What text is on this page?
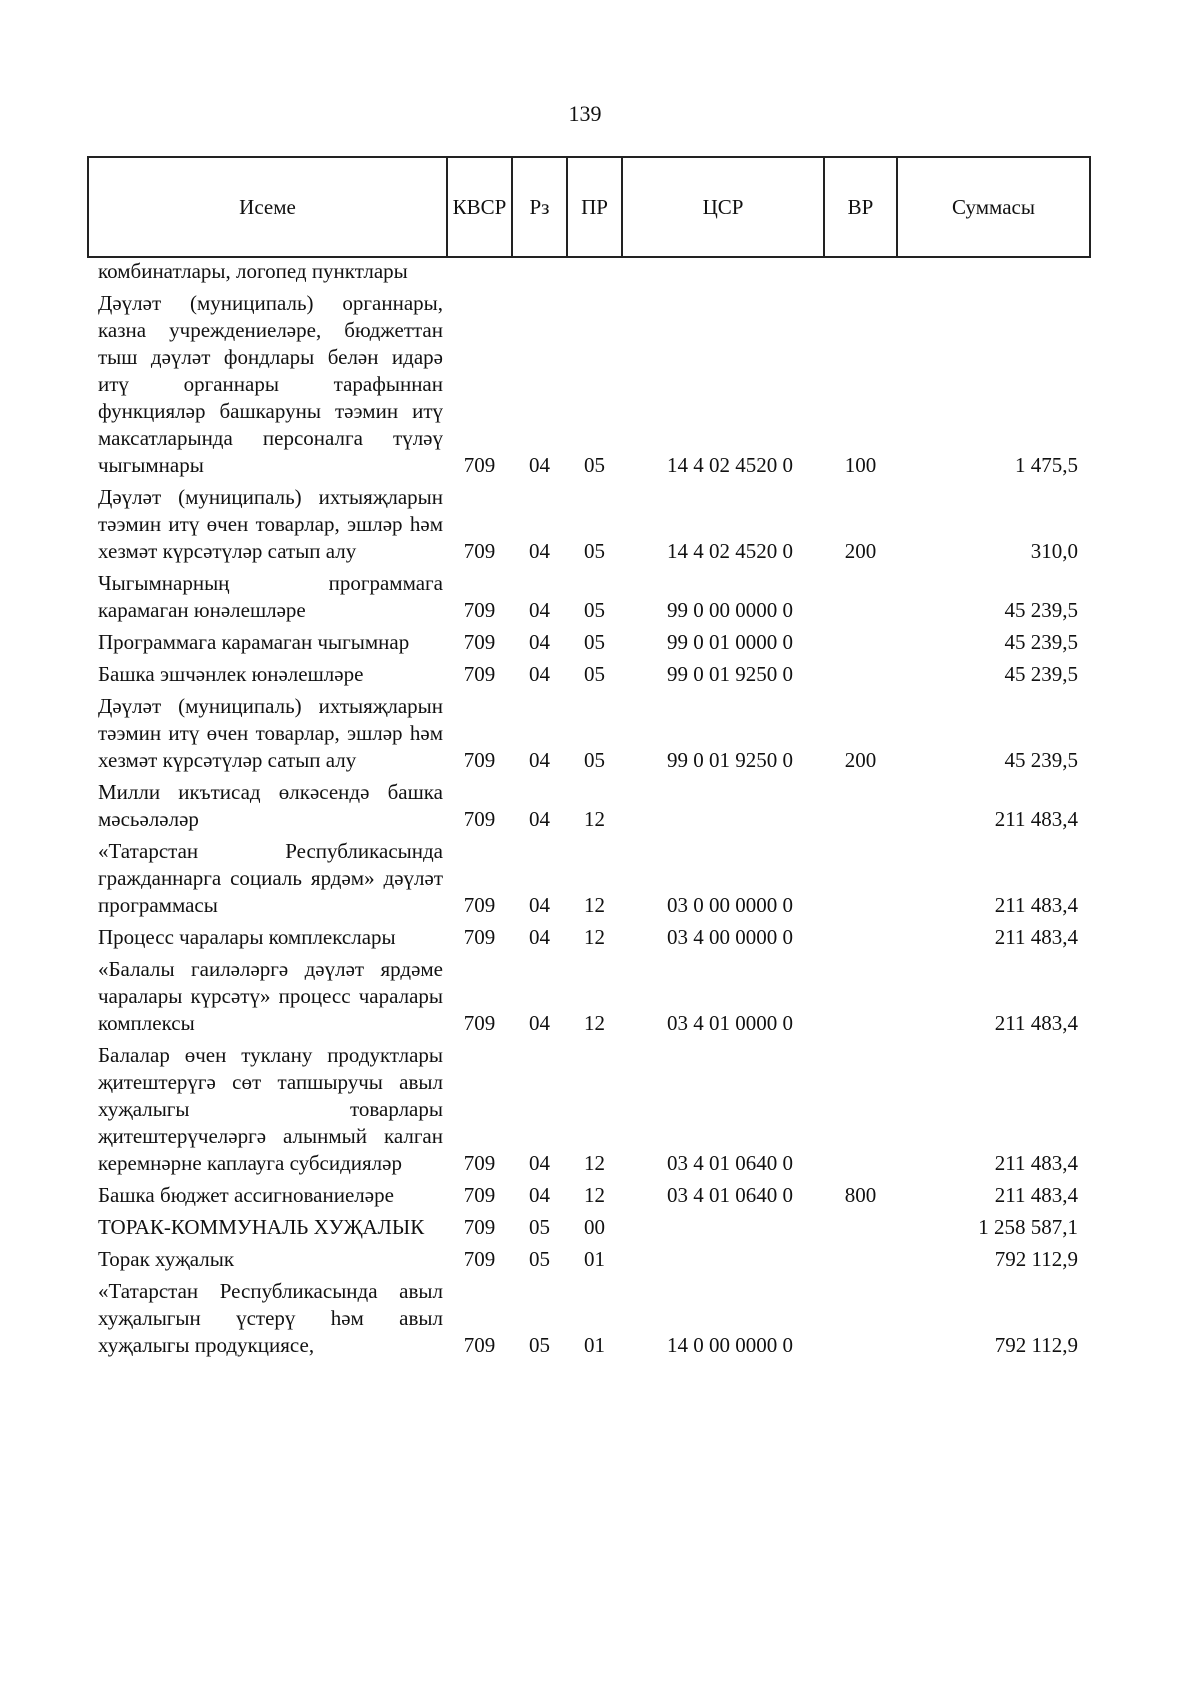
139
Исеме	КВСР	Рз	ПР	ЦСР	ВР	Суммасы
комбинатлары, логопед пунктлары						
Дәүләт (муниципаль) органнары, казна учреждениеләре, бюджеттан тыш дәүләт фондлары белән идарә итү органнары тарафыннан функцияләр башкаруны тәэмин итү максатларында персоналга түләү чыгымнары	709	04	05	14 4 02 4520 0	100	1 475,5
Дәүләт (муниципаль) ихтыяҗларын тәэмин итү өчен товарлар, эшләр һәм хезмәт күрсәтүләр сатып алу	709	04	05	14 4 02 4520 0	200	310,0
Чыгымнарның программага карамаган юнәлешләре	709	04	05	99 0 00 0000 0		45 239,5
Программага карамаган чыгымнар	709	04	05	99 0 01 0000 0		45 239,5
Башка эшчәнлек юнәлешләре	709	04	05	99 0 01 9250 0		45 239,5
Дәүләт (муниципаль) ихтыяҗларын тәэмин итү өчен товарлар, эшләр һәм хезмәт күрсәтүләр сатып алу	709	04	05	99 0 01 9250 0	200	45 239,5
Милли икътисад өлкәсендә башка мәсьәләләр	709	04	12			211 483,4
«Татарстан Республикасында гражданнарга социаль ярдәм» дәүләт программасы	709	04	12	03 0 00 0000 0		211 483,4
Процесс чаралары комплекслары	709	04	12	03 4 00 0000 0		211 483,4
«Балалы гаиләләргә дәүләт ярдәме чаралары күрсәтү» процесс чаралары комплексы	709	04	12	03 4 01 0000 0		211 483,4
Балалар өчен туклану продуктлары җитештерүгә сөт тапшыручы авыл хуҗалыгы товарлары җитештерүчеләргә алынмый калган керемнәрне каплауга субсидияләр	709	04	12	03 4 01 0640 0		211 483,4
Башка бюджет ассигнованиеләре	709	04	12	03 4 01 0640 0	800	211 483,4
ТОРАК-КОММУНАЛЬ ХУҖАЛЫК	709	05	00			1 258 587,1
Торак хуҗалык	709	05	01			792 112,9
«Татарстан Республикасында авыл хуҗалыгын үстерү һәм авыл хуҗалыгы продукциясе,	709	05	01	14 0 00 0000 0		792 112,9
